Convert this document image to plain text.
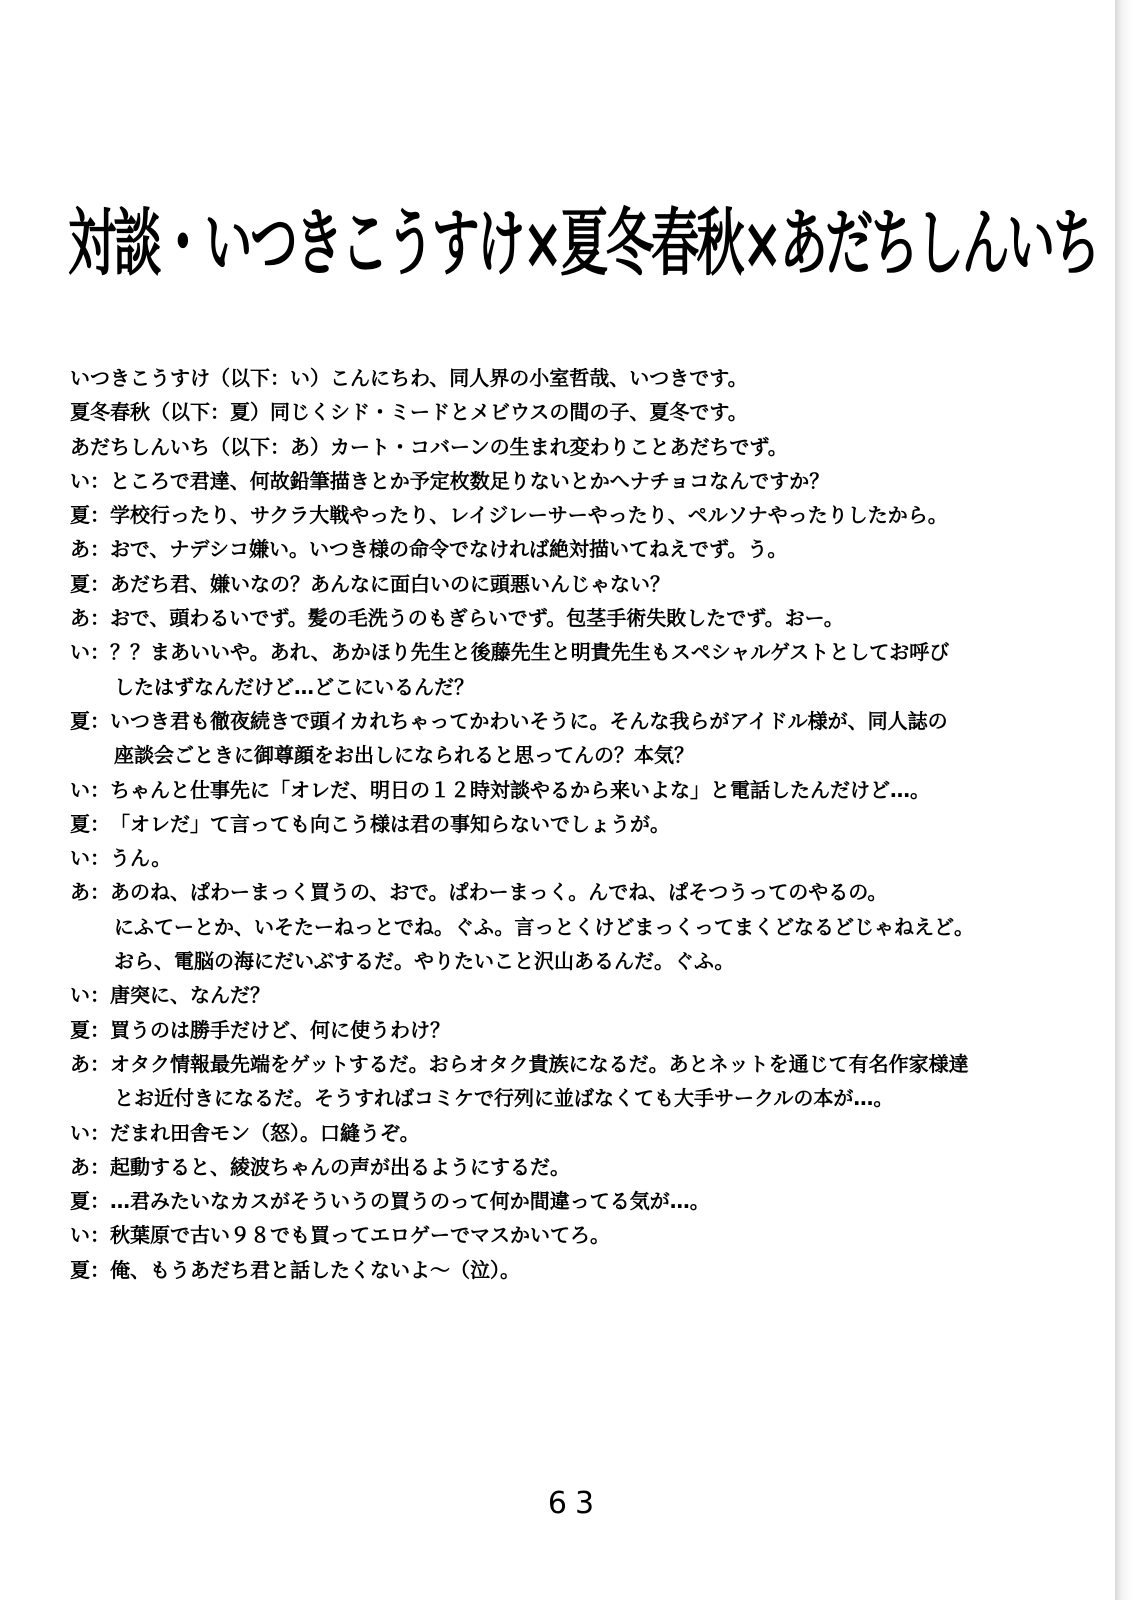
対談・いつきこうすけ×夏冬春秋×あだちしんいち
いつきこうすけ（以下：い）こんにちわ、同人界の小室哲哉、いつきです。
夏冬春秋（以下：夏）同じくシド・ミードとメビウスの間の子、夏冬です。
あだちしんいち（以下：あ）カート・コバーンの生まれ変わりことあだちでず。
い ： ところで君達、何故鉛筆描きとか予定枚数足りないとかへナチョコなんですか？
夏 ： 学校行ったり、サクラ大戦やったり、レイジレーサーやったり、ペルソナやったりしたから。
あ ： おで、ナデシコ嫌い。いつき様の命令でなければ絶対描いてねえでず。う。
夏 ： あだち君、嫌いなの？あんなに面白いのに頭悪いんじゃない？
あ ： おで、頭わるいでず。髪の毛洗うのもぎらいでず。包茎手術失敗したでず。おー。
い ： ？？まあいいや。あれ、あかほり先生と後藤先生と明貴先生もスペシャルゲストとしてお呼び
したはずなんだけど…どこにいるんだ？
夏 ： いつき君も徹夜続きで頭イカれちゃってかわいそうに。そんな我らがアイドル様が、同人誌の
座談会ごときに御尊顔をお出しになられると思ってんの？本気？
い ： ちゃんと仕事先に「オレだ、明日の１２時対談やるから来いよな」と電話したんだけど…。
夏 ： 「オレだ」て言っても向こう様は君の事知らないでしょうが。
い ： うん。
あ ： あのね、ぱわーまっく買うの、おで。ぱわーまっく。んでね、ぱそつうってのやるの。
にふてーとか、いそたーねっとでね。ぐふ。言っとくけどまっくってまくどなるどじゃねえど。
おら、電脳の海にだいぶするだ。やりたいこと沢山あるんだ。ぐふ。
い ： 唐突に、なんだ？
夏 ： 買うのは勝手だけど、何に使うわけ？
あ ： オタク情報最先端をゲットするだ。おらオタク貴族になるだ。あとネットを通じて有名作家様達
とお近付きになるだ。そうすればコミケで行列に並ばなくても大手サークルの本が…。
い ： だまれ田舎モン（怒）。口縫うぞ。
あ ： 起動すると、綾波ちゃんの声が出るようにするだ。
夏 ： …君みたいなカスがそういうの買うのって何か間違ってる気が…。
い ： 秋葉原で古い９８でも買ってエロゲーでマスかいてろ。
夏 ： 俺、もうあだち君と話したくないよ～（泣）。
63
